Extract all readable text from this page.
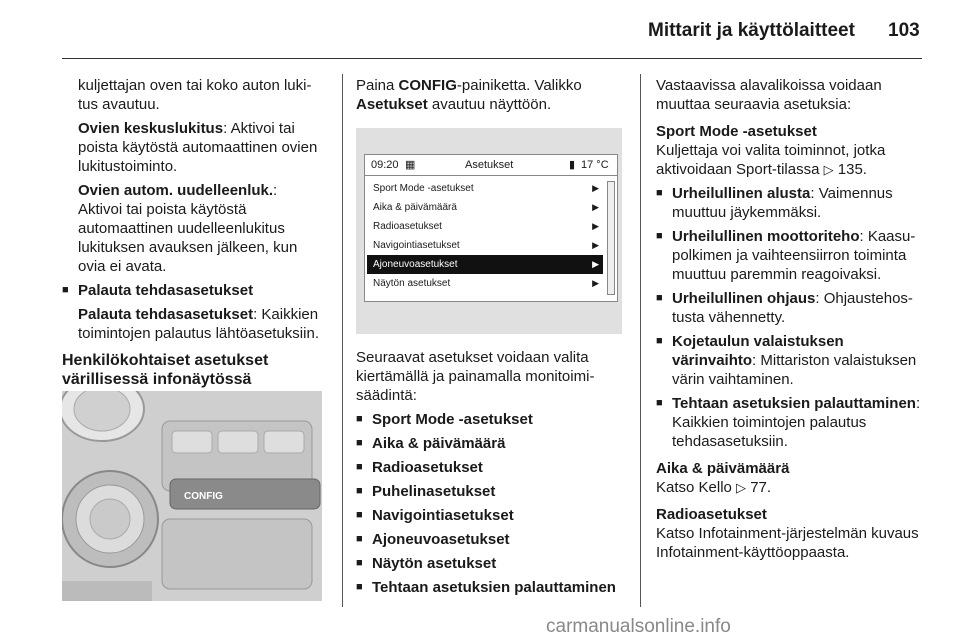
Mittarit ja käyttölaitteet 103

kuljettajan oven tai koko auton lukitus avautuu.

Ovien keskuslukitus: Aktivoi tai poista käytöstä automaattinen ovien lukitustoiminto.

Ovien autom. uudelleenluk.: Aktivoi tai poista käytöstä automaattinen uudelleenlukitus lukituksen avauksen jälkeen, kun ovia ei avata.

■ Palauta tehdasasetukset

Palauta tehdasasetukset: Kaikkien toimintojen palautus lähtöasetuksiin.

Henkilökohtaiset asetukset värillisessä infonäytössä
CONFIG

Paina CONFIG-painiketta. Valikko Asetukset avautuu näyttöön.

09:20 ▦	Asetukset	▮ 17 °C
Sport Mode -asetukset	▶
Aika & päivämäärä	▶
Radioasetukset	▶
Navigointiasetukset	▶
Ajoneuvoasetukset	▶
Näytön asetukset	▶

Seuraavat asetukset voidaan valita kiertämällä ja painamalla monitoimisäädintä:

■ Sport Mode -asetukset
■ Aika & päivämäärä
■ Radioasetukset
■ Puhelinasetukset
■ Navigointiasetukset
■ Ajoneuvoasetukset
■ Näytön asetukset
■ Tehtaan asetuksien palauttaminen

Vastaavissa alavalikoissa voidaan muuttaa seuraavia asetuksia:

Sport Mode -asetukset

Kuljettaja voi valita toiminnot, jotka aktivoidaan Sport-tilassa ▷ 135.

■ Urheilullinen alusta: Vaimennus muuttuu jäykemmäksi.
■ Urheilullinen moottoriteho: Kaasupolkimen ja vaihteensiirron toiminta muuttuu paremmin reagoivaksi.
■ Urheilullinen ohjaus: Ohjaustehostusta vähennetty.
■ Kojetaulun valaistuksen värinvaihto: Mittariston valaistuksen värin vaihtaminen.
■ Tehtaan asetuksien palauttaminen: Kaikkien toimintojen palautus tehdasasetuksiin.
Aika & päivämäärä

Katso Kello ▷ 77.

Radioasetukset

Katso Infotainment-järjestelmän kuvaus Infotainment-käyttöoppaasta.

carmanualsonline.info
